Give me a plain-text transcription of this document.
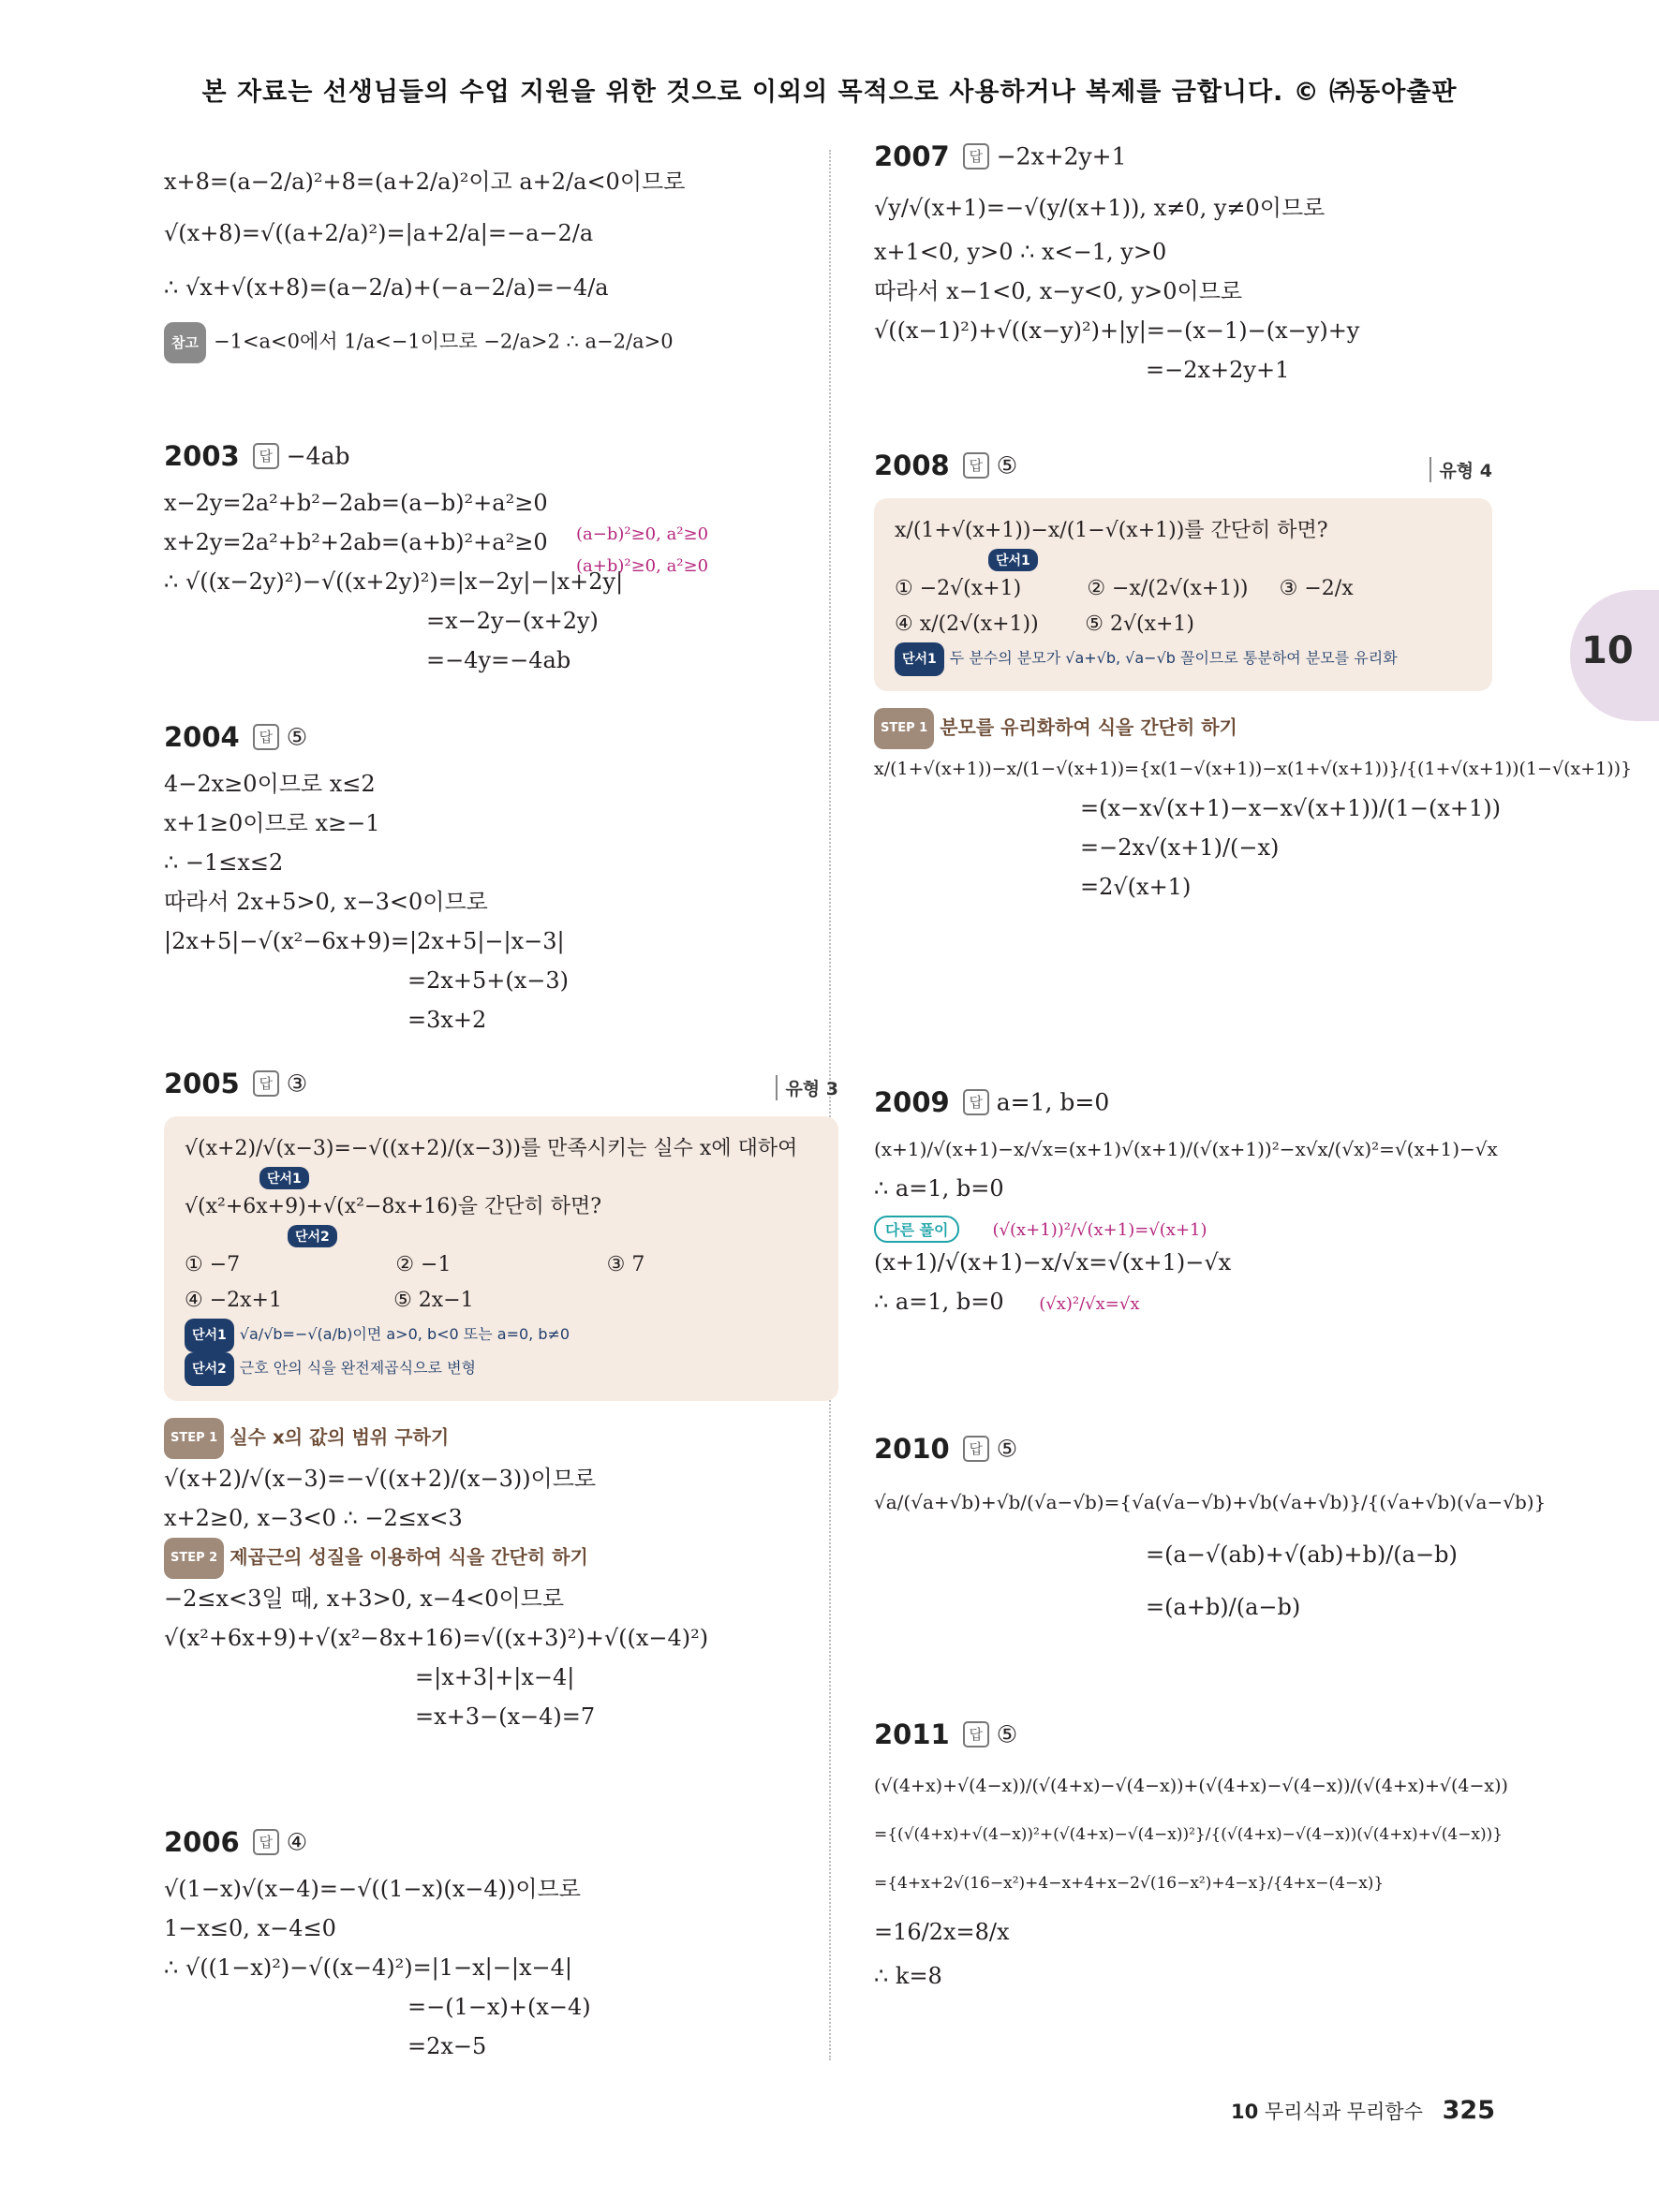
본 자료는 선생님들의 수업 지원을 위한 것으로 이외의 목적으로 사용하거나 복제를 금합니다. © ㈜동아출판
10
x+8=(a−2/a)²+8=(a+2/a)²이고 a+2/a<0이므로
√(x+8)=√((a+2/a)²)=|a+2/a|=−a−2/a
∴ √x+√(x+8)=(a−2/a)+(−a−2/a)=−4/a
참고 −1<a<0에서 1/a<−1이므로 −2/a>2 ∴ a−2/a>0
2003 답 −4ab
x−2y=2a²+b²−2ab=(a−b)²+a²≥0
x+2y=2a²+b²+2ab=(a+b)²+a²≥0 (a−b)²≥0, a²≥0
(a+b)²≥0, a²≥0
∴ √((x−2y)²)−√((x+2y)²)=|x−2y|−|x+2y|
=x−2y−(x+2y)
=−4y=−4ab
2004 답 ⑤
4−2x≥0이므로 x≤2
x+1≥0이므로 x≥−1
∴ −1≤x≤2
따라서 2x+5>0, x−3<0이므로
|2x+5|−√(x²−6x+9)=|2x+5|−|x−3|
=2x+5+(x−3)
=3x+2
2005 답 ③	유형 3
√(x+2)/√(x−3)=−√((x+2)/(x−3))를 만족시키는 실수 x에 대하여
단서1
√(x²+6x+9)+√(x²−8x+16)을 간단히 하면?
단서2
① −7	② −1	③ 7
④ −2x+1	⑤ 2x−1
단서1 √a/√b=−√(a/b)이면 a>0, b<0 또는 a=0, b≠0
단서2 근호 안의 식을 완전제곱식으로 변형
STEP 1 실수 x의 값의 범위 구하기
√(x+2)/√(x−3)=−√((x+2)/(x−3))이므로
x+2≥0, x−3<0 ∴ −2≤x<3
STEP 2 제곱근의 성질을 이용하여 식을 간단히 하기
−2≤x<3일 때, x+3>0, x−4<0이므로
√(x²+6x+9)+√(x²−8x+16)=√((x+3)²)+√((x−4)²)
=|x+3|+|x−4|
=x+3−(x−4)=7
2006 답 ④
√(1−x)√(x−4)=−√((1−x)(x−4))이므로
1−x≤0, x−4≤0
∴ √((1−x)²)−√((x−4)²)=|1−x|−|x−4|
=−(1−x)+(x−4)
=2x−5
2007 답 −2x+2y+1
√y/√(x+1)=−√(y/(x+1)), x≠0, y≠0이므로
x+1<0, y>0 ∴ x<−1, y>0
따라서 x−1<0, x−y<0, y>0이므로
√((x−1)²)+√((x−y)²)+|y|=−(x−1)−(x−y)+y
=−2x+2y+1
2008 답 ⑤	유형 4
x/(1+√(x+1))−x/(1−√(x+1))를 간단히 하면?
단서1
① −2√(x+1)	② −x/(2√(x+1))	③ −2/x
④ x/(2√(x+1))	⑤ 2√(x+1)
단서1 두 분수의 분모가 √a+√b, √a−√b 꼴이므로 통분하여 분모를 유리화
STEP 1 분모를 유리화하여 식을 간단히 하기
x/(1+√(x+1))−x/(1−√(x+1))={x(1−√(x+1))−x(1+√(x+1))}/{(1+√(x+1))(1−√(x+1))}
=(x−x√(x+1)−x−x√(x+1))/(1−(x+1))
=−2x√(x+1)/(−x)
=2√(x+1)
2009 답 a=1, b=0
(x+1)/√(x+1)−x/√x=(x+1)√(x+1)/(√(x+1))²−x√x/(√x)²=√(x+1)−√x
∴ a=1, b=0
다른 풀이	(√(x+1))²/√(x+1)=√(x+1)
(x+1)/√(x+1)−x/√x=√(x+1)−√x
∴ a=1, b=0 (√x)²/√x=√x
2010 답 ⑤
√a/(√a+√b)+√b/(√a−√b)={√a(√a−√b)+√b(√a+√b)}/{(√a+√b)(√a−√b)}
=(a−√(ab)+√(ab)+b)/(a−b)
=(a+b)/(a−b)
2011 답 ⑤
(√(4+x)+√(4−x))/(√(4+x)−√(4−x))+(√(4+x)−√(4−x))/(√(4+x)+√(4−x))
={(√(4+x)+√(4−x))²+(√(4+x)−√(4−x))²}/{(√(4+x)−√(4−x))(√(4+x)+√(4−x))}
={4+x+2√(16−x²)+4−x+4+x−2√(16−x²)+4−x}/{4+x−(4−x)}
=16/2x=8/x
∴ k=8
10 무리식과 무리함수 325
